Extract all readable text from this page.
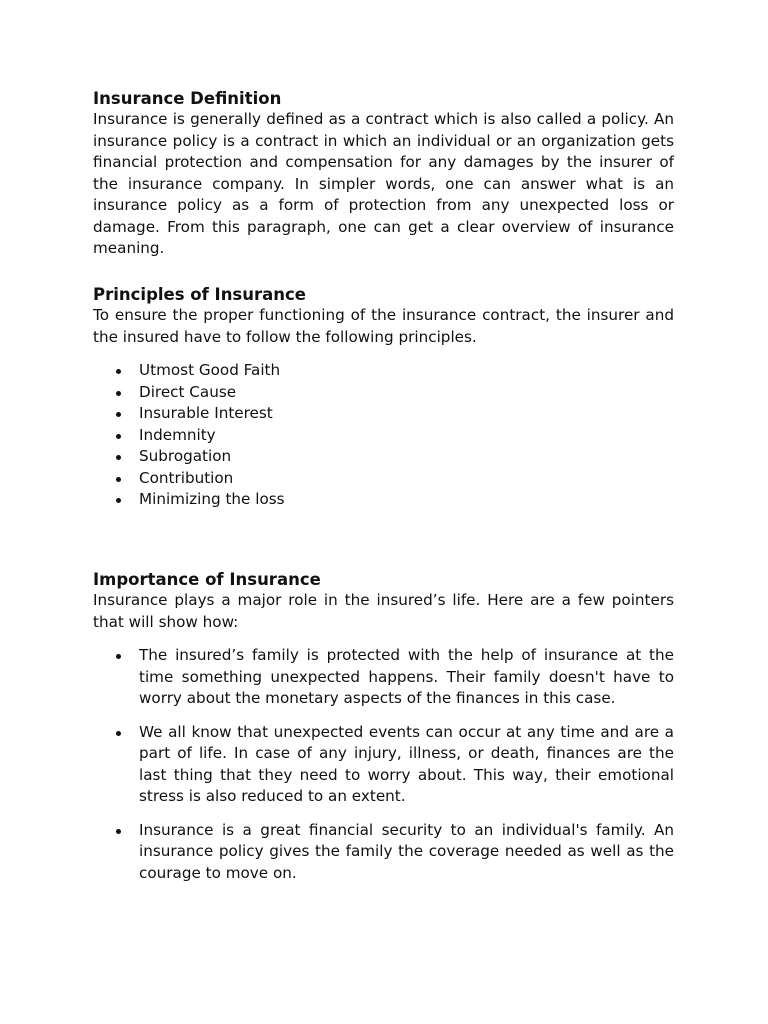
Insurance Definition

Insurance is generally defined as a contract which is also called a policy. An insurance policy is a contract in which an individual or an organization gets financial protection and compensation for any damages by the insurer of the insurance company. In simpler words, one can answer what is an insurance policy as a form of protection from any unexpected loss or damage. From this paragraph, one can get a clear overview of insurance meaning.

Principles of Insurance

To ensure the proper functioning of the insurance contract, the insurer and the insured have to follow the following principles.

Utmost Good Faith
Direct Cause
Insurable Interest
Indemnity
Subrogation
Contribution
Minimizing the loss
Importance of Insurance

Insurance plays a major role in the insured’s life. Here are a few pointers that will show how:

The insured’s family is protected with the help of insurance at the time something unexpected happens. Their family doesn't have to worry about the monetary aspects of the finances in this case.
We all know that unexpected events can occur at any time and are a part of life. In case of any injury, illness, or death, finances are the last thing that they need to worry about. This way, their emotional stress is also reduced to an extent.
Insurance is a great financial security to an individual's family. An insurance policy gives the family the coverage needed as well as the courage to move on.
